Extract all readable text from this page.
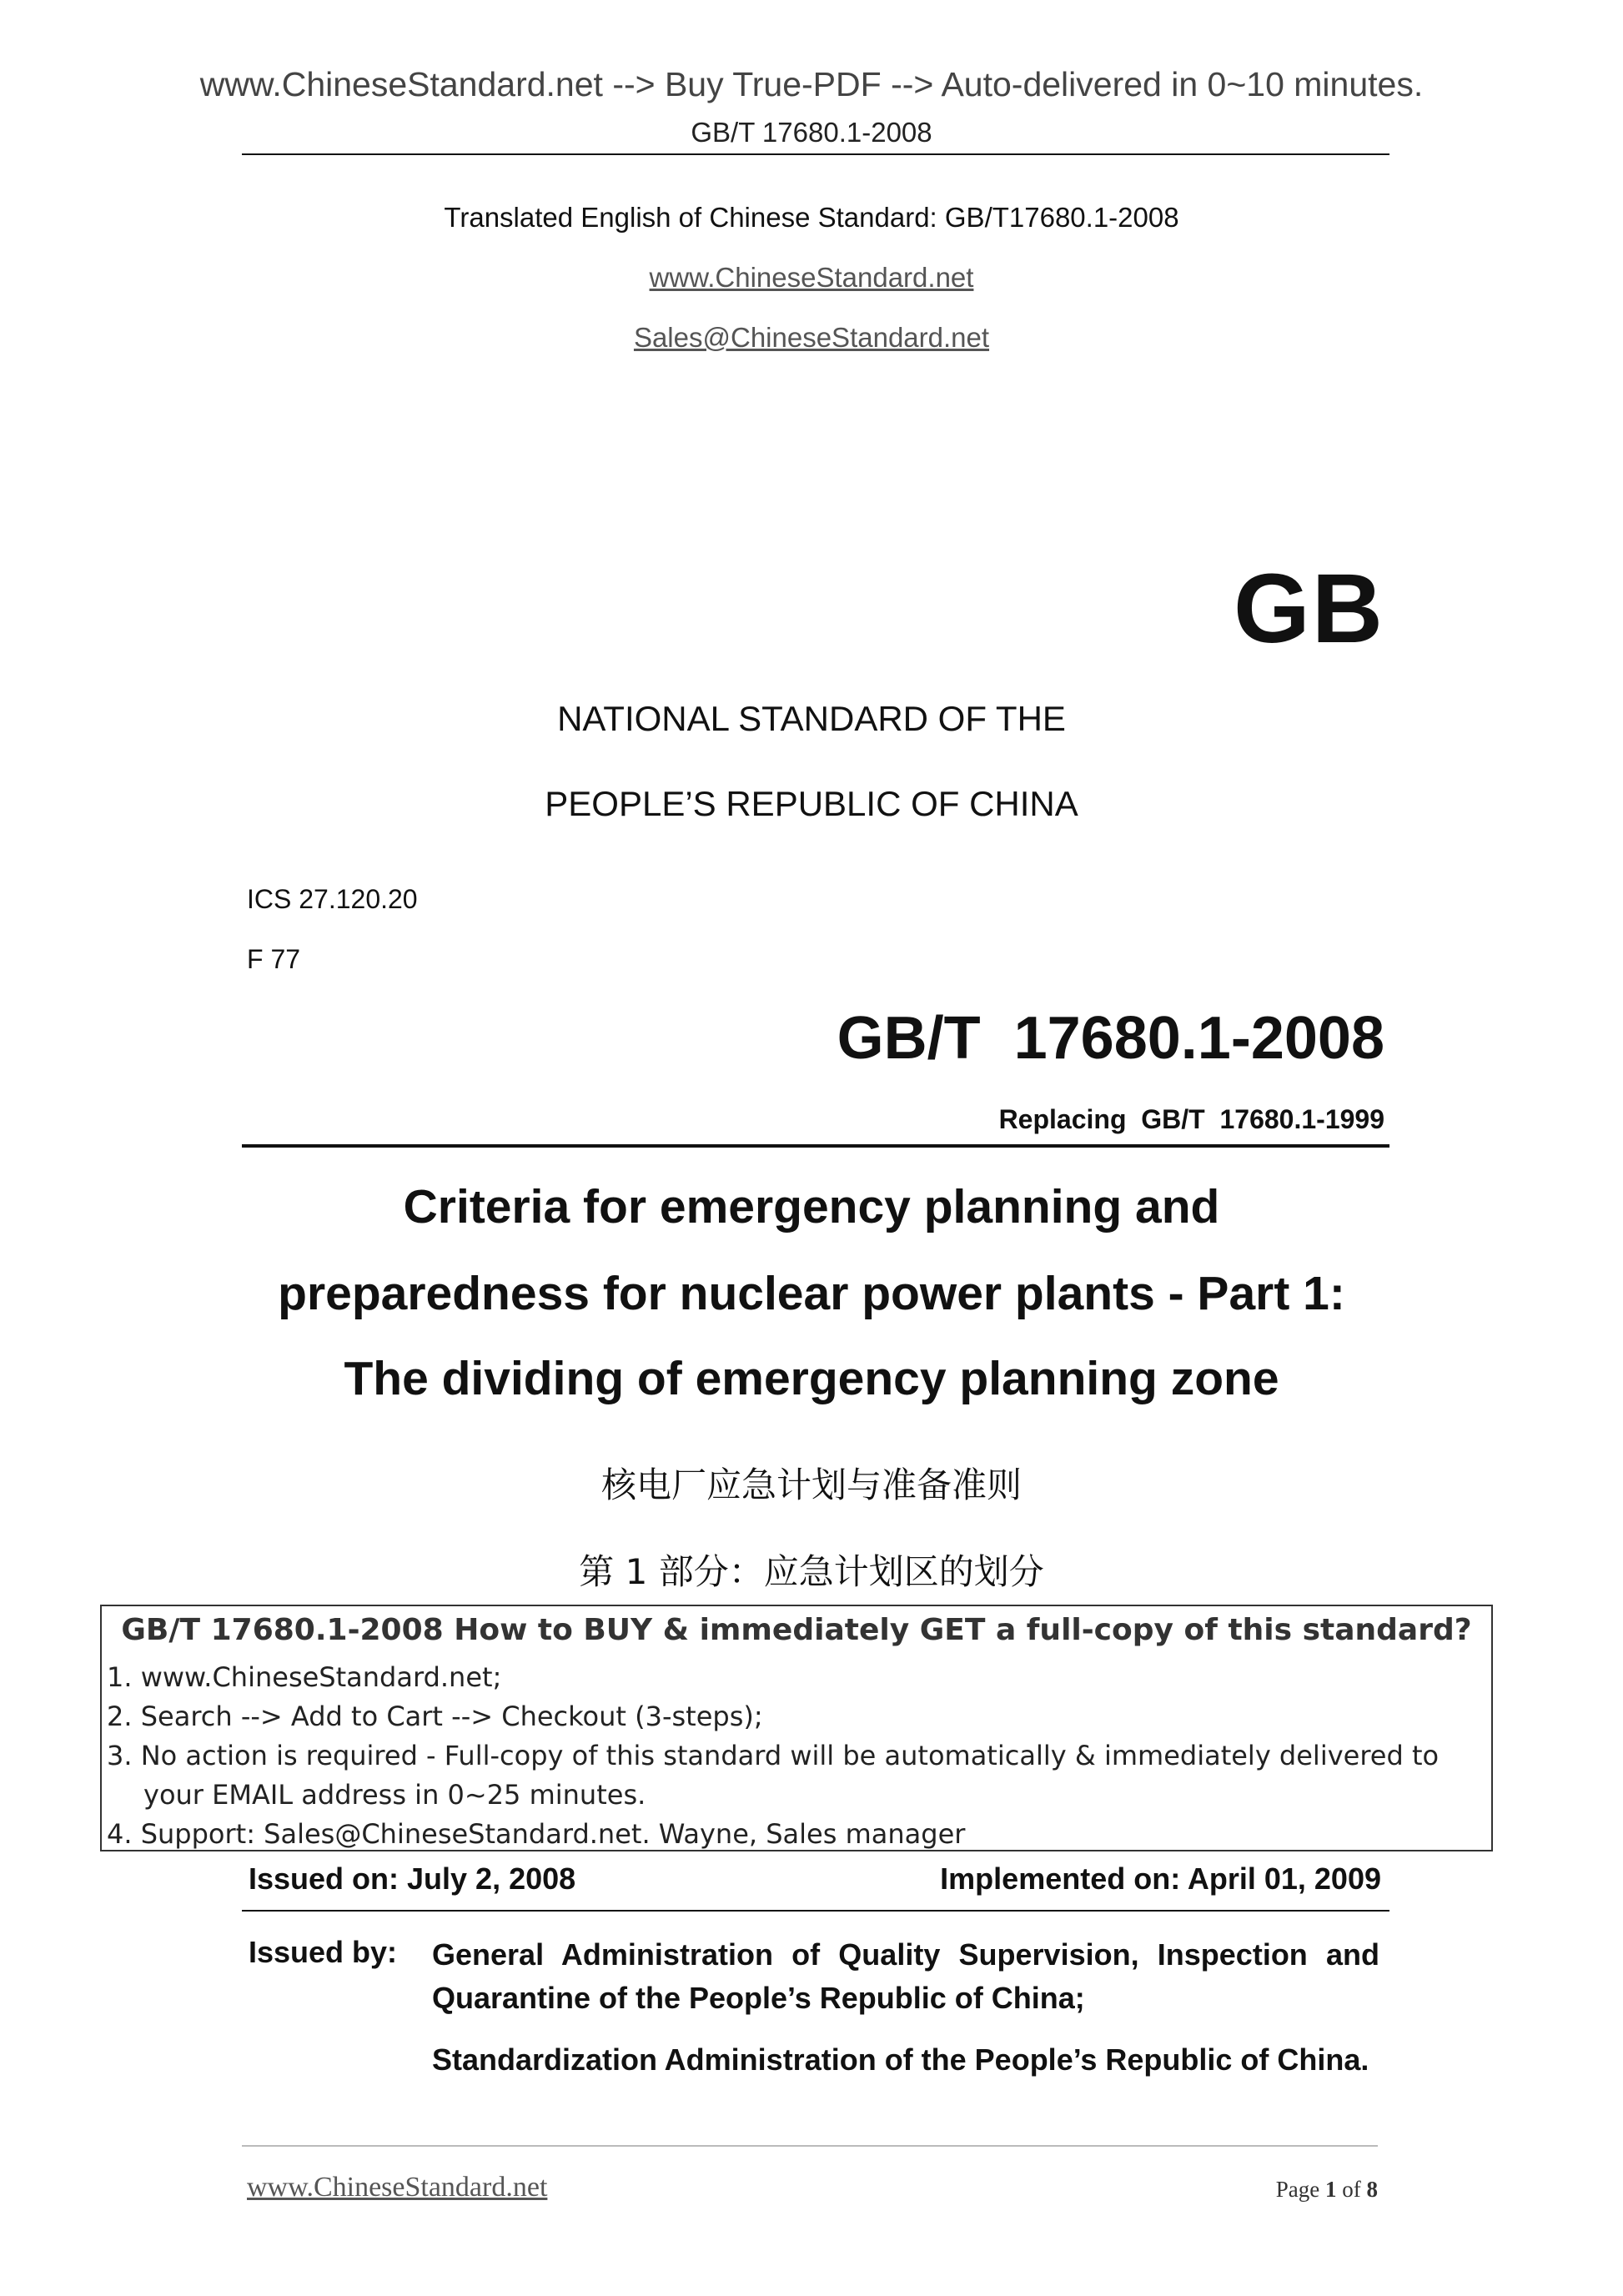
www.ChineseStandard.net --> Buy True-PDF --> Auto-delivered in 0~10 minutes.
GB/T 17680.1-2008
Translated English of Chinese Standard: GB/T17680.1-2008
www.ChineseStandard.net
Sales@ChineseStandard.net
GB
NATIONAL STANDARD OF THE
PEOPLE’S REPUBLIC OF CHINA
ICS 27.120.20
F 77
GB/T  17680.1-2008
Replacing  GB/T  17680.1-1999
Criteria for emergency planning and
preparedness for nuclear power plants - Part 1:
The dividing of emergency planning zone
核电厂应急计划与准备准则
第 1 部分：应急计划区的划分
GB/T 17680.1-2008 How to BUY & immediately GET a full-copy of this standard?
1. www.ChineseStandard.net;
2. Search --> Add to Cart --> Checkout (3-steps);
3. No action is required - Full-copy of this standard will be automatically & immediately delivered to
your EMAIL address in 0~25 minutes.
4. Support: Sales@ChineseStandard.net. Wayne, Sales manager
Issued on: July 2, 2008	Implemented on: April 01, 2009
Issued by: General Administration of Quality Supervision, Inspection and Quarantine of the People’s Republic of China;
Standardization Administration of the People’s Republic of China.
www.ChineseStandard.net	Page 1 of 8
